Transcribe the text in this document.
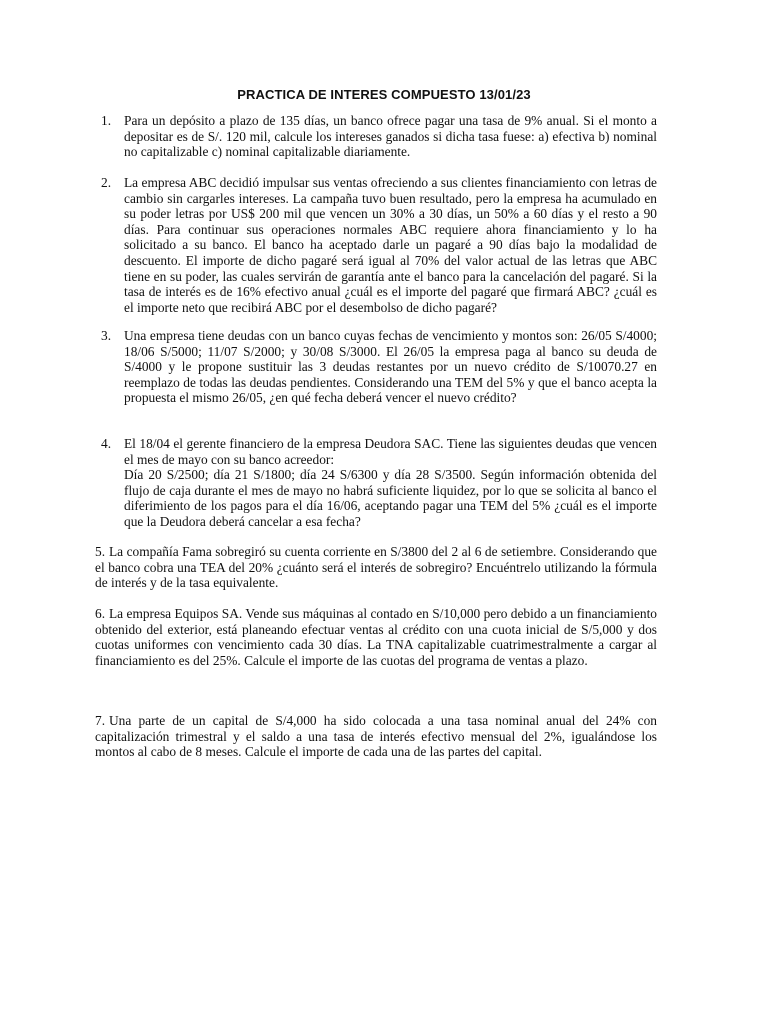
PRACTICA DE INTERES COMPUESTO 13/01/23
1. Para un depósito a plazo de 135 días, un banco ofrece pagar una tasa de 9% anual. Si el monto a depositar es de S/. 120 mil, calcule los intereses ganados si dicha tasa fuese: a) efectiva b) nominal no capitalizable c) nominal capitalizable diariamente.

2. La empresa ABC decidió impulsar sus ventas ofreciendo a sus clientes financiamiento con letras de cambio sin cargarles intereses. La campaña tuvo buen resultado, pero la empresa ha acumulado en su poder letras por US$ 200 mil que vencen un 30% a 30 días, un 50% a 60 días y el resto a 90 días. Para continuar sus operaciones normales ABC requiere ahora financiamiento y lo ha solicitado a su banco. El banco ha aceptado darle un pagaré a 90 días bajo la modalidad de descuento. El importe de dicho pagaré será igual al 70% del valor actual de las letras que ABC tiene en su poder, las cuales servirán de garantía ante el banco para la cancelación del pagaré. Si la tasa de interés es de 16% efectivo anual ¿cuál es el importe del pagaré que firmará ABC? ¿cuál es el importe neto que recibirá ABC por el desembolso de dicho pagaré?

3. Una empresa tiene deudas con un banco cuyas fechas de vencimiento y montos son: 26/05 S/4000; 18/06 S/5000; 11/07 S/2000; y 30/08 S/3000. El 26/05 la empresa paga al banco su deuda de S/4000 y le propone sustituir las 3 deudas restantes por un nuevo crédito de S/10070.27 en reemplazo de todas las deudas pendientes. Considerando una TEM del 5% y que el banco acepta la propuesta el mismo 26/05, ¿en qué fecha deberá vencer el nuevo crédito?

4. El 18/04 el gerente financiero de la empresa Deudora SAC. Tiene las siguientes deudas que vencen el mes de mayo con su banco acreedor:

Día 20 S/2500; día 21 S/1800; día 24 S/6300 y día 28 S/3500. Según información obtenida del flujo de caja durante el mes de mayo no habrá suficiente liquidez, por lo que se solicita al banco el diferimiento de los pagos para el día 16/06, aceptando pagar una TEM del 5% ¿cuál es el importe que la Deudora deberá cancelar a esa fecha?

5. La compañía Fama sobregiró su cuenta corriente en S/3800 del 2 al 6 de setiembre. Considerando que el banco cobra una TEA del 20% ¿cuánto será el interés de sobregiro? Encuéntrelo utilizando la fórmula de interés y de la tasa equivalente.

6. La empresa Equipos SA. Vende sus máquinas al contado en S/10,000 pero debido a un financiamiento obtenido del exterior, está planeando efectuar ventas al crédito con una cuota inicial de S/5,000 y dos cuotas uniformes con vencimiento cada 30 días. La TNA capitalizable cuatrimestralmente a cargar al financiamiento es del 25%. Calcule el importe de las cuotas del programa de ventas a plazo.

7. Una parte de un capital de S/4,000 ha sido colocada a una tasa nominal anual del 24% con capitalización trimestral y el saldo a una tasa de interés efectivo mensual del 2%, igualándose los montos al cabo de 8 meses. Calcule el importe de cada una de las partes del capital.
